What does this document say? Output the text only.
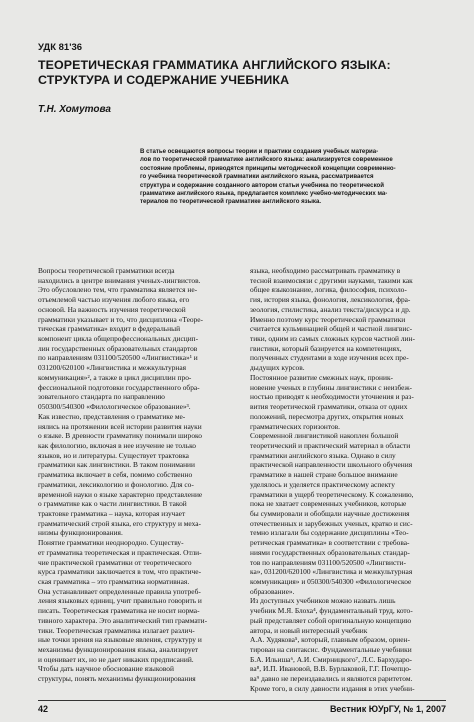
УДК 81'36
ТЕОРЕТИЧЕСКАЯ ГРАММАТИКА АНГЛИЙСКОГО ЯЗЫКА:
СТРУКТУРА И СОДЕРЖАНИЕ УЧЕБНИКА
Т.Н. Хомутова
В статье освещаются вопросы теории и практики создания учебных материа-
лов по теоретической грамматике английского языка: анализируется современное
состояние проблемы, приводятся принципы методической концепции современно-
го учебника теоретической грамматики английского языка, рассматривается
структура и содержание созданного автором статьи учебника по теоретической
грамматике английского языка, предлагается комплекс учебно-методических ма-
териалов по теоретической грамматике английского языка.
Вопросы теоретической грамматики всегда
находились в центре внимания ученых-лингвистов.
Это обусловлено тем, что грамматика является не-
отъемлемой частью изучения любого языка, его
основой. На важность изучения теоретической
грамматики указывает и то, что дисциплина «Теоре-
тическая грамматика» входит в федеральный
компонент цикла общепрофессиональных дисцип-
лин государственных образовательных стандартов
по направлениям 031100/520500 «Лингвистика»¹ и
031200/620100 «Лингвистика и межкультурная
коммуникация»², а также в цикл дисциплин про-
фессиональной подготовки государственного обра-
зовательного стандарта по направлению
050300/540300 «Филологическое образование»³.
Как известно, представления о грамматике ме-
нялись на протяжении всей истории развития науки
о языке. В древности грамматику понимали широко
как филологию, включая в нее изучение не только
языков, но и литературы. Существует трактовка
грамматики как лингвистики. В таком понимании
грамматика включает в себя, помимо собственно
грамматики, лексикологию и фонологию. Для со-
временной науки о языке характерно представление
о грамматике как о части лингвистики. В такой
трактовке грамматика – наука, которая изучает
грамматический строй языка, его структуру и меха-
низмы функционирования.
Понятие грамматики неоднородно. Существу-
ет грамматика теоретическая и практическая. Отли-
чие практической грамматики от теоретического
курса грамматики заключается в том, что практиче-
ская грамматика – это грамматика нормативная.
Она устанавливает определенные правила употреб-
ления языковых единиц, учит правильно говорить и
писать. Теоретическая грамматика не носит норма-
тивного характера. Это аналитический тип граммати-
тики. Теоретическая грамматика излагает различ-
ные точки зрения на языковые явления, структуру и
механизмы функционирования языка, анализирует
и оценивает их, но не дает никаких предписаний.
Чтобы дать научное обоснование языковой
структуры, понять механизмы функционирования
языка, необходимо рассматривать грамматику в
тесной взаимосвязи с другими науками, такими как
общее языкознание, логика, философия, психоло-
гия, история языка, фонология, лексикология, фра-
зеология, стилистика, анализ текста/дискурса и др.
Именно поэтому курс теоретической грамматики
считается кульминацией общей и частной лингвис-
тики, одним из самых сложных курсов частной лин-
гвистики, который базируется на компетенциях,
полученных студентами в ходе изучения всех пре-
дыдущих курсов.
Постоянное развитие смежных наук, проник-
новение ученых в глубины лингвистики с неизбеж-
ностью приводят к необходимости уточнения и раз-
вития теоретической грамматики, отказа от одних
положений, пересмотра других, открытия новых
грамматических горизонтов.
Современной лингвистикой накоплен большой
теоретический и практический материал в области
грамматики английского языка. Однако в силу
практической направленности школьного обучения
грамматике в нашей стране большое внимание
уделялось и уделяется практическому аспекту
грамматики в ущерб теоретическому. К сожалению,
пока не хватает современных учебников, которые
бы суммировали и обобщали научные достижения
отечественных и зарубежных ученых, кратко и сис-
темно излагали бы содержание дисциплины «Тео-
ретическая грамматика» в соответствии с требова-
ниями государственных образовательных стандар-
тов по направлениям 031100/520500 «Лингвисти-
ка», 031200/620100 «Лингвистика и межкультурная
коммуникация» и 050300/540300 «Филологическое
образование».
Из доступных учебников можно назвать лишь
учебник М.Я. Блоха⁴, фундаментальный труд, кото-
рый представляет собой оригинальную концепцию
автора, и новый интересный учебник
А.А. Худякова⁵, который, главным образом, ориен-
тирован на синтаксис. Фундаментальные учебники
Б.А. Ильиша⁶, А.И. Смирницкого⁷, Л.С. Бархударо-
ва⁸, И.П. Ивановой, В.В. Бурлаковой, Г.Г. Почепцо-
ва⁹ давно не переиздавались и являются раритетом.
Кроме того, в силу давности издания в этих учебни-
42	Вестник ЮУрГУ, № 1, 2007
